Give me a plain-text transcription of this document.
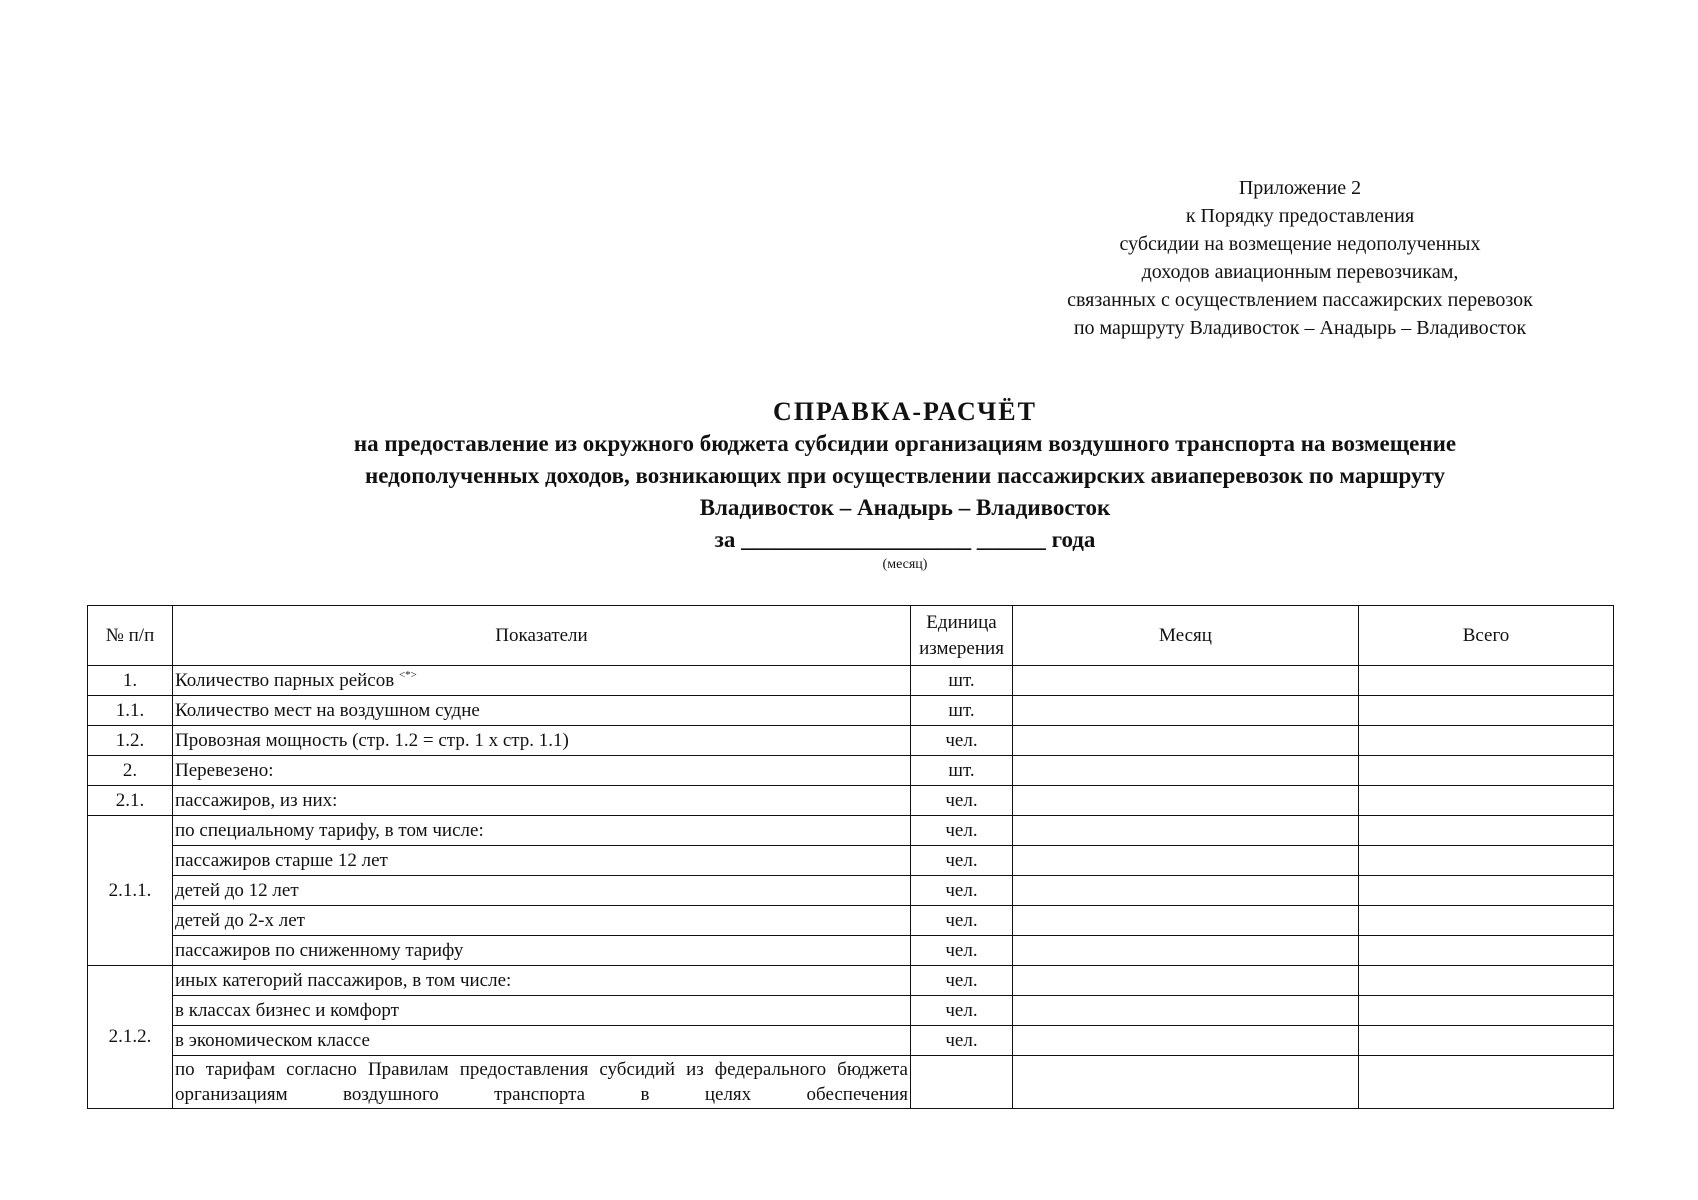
Приложение 2
к Порядку предоставления
субсидии на возмещение недополученных
доходов авиационным перевозчикам,
связанных с осуществлением пассажирских перевозок
по маршруту Владивосток – Анадырь – Владивосток
СПРАВКА-РАСЧЁТ
на предоставление из окружного бюджета субсидии организациям воздушного транспорта на возмещение
недополученных доходов, возникающих при осуществлении пассажирских авиаперевозок по маршруту
Владивосток – Анадырь – Владивосток
за ____________________ ______ года
(месяц)
№ п/п	Показатели	Единица измерения	Месяц	Всего
1.	Количество парных рейсов <*>	шт.		
1.1.	Количество мест на воздушном судне	шт.		
1.2.	Провозная мощность (стр. 1.2 = стр. 1 х стр. 1.1)	чел.		
2.	Перевезено:	шт.		
2.1.	пассажиров, из них:	чел.		
2.1.1.	по специальному тарифу, в том числе:	чел.		
	пассажиров старше 12 лет	чел.		
	детей до 12 лет	чел.		
	детей до 2-х лет	чел.		
	пассажиров по сниженному тарифу	чел.		
2.1.2.	иных категорий пассажиров, в том числе:	чел.		
	в классах бизнес и комфорт	чел.		
	в экономическом классе	чел.		
	по тарифам согласно Правилам предоставления субсидий из федерального бюджета организациям воздушного транспорта в целях обеспечения			
